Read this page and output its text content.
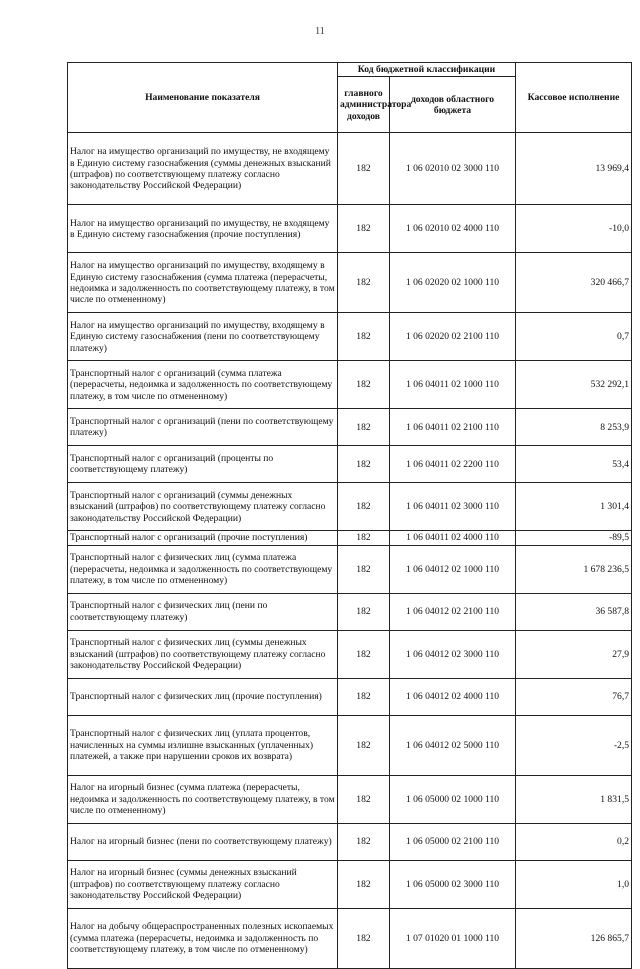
11
Наименование показателя	Код бюджетной классификации		Кассовое исполнение
	главного администратора доходов	доходов областного бюджета	
Налог на имущество организаций по имуществу, не входящему в Единую систему газоснабжения (суммы денежных взысканий (штрафов) по соответствующему платежу согласно законодательству Российской Федерации)	182	1 06 02010 02 3000 110	13 969,4
Налог на имущество организаций по имуществу, не входящему в Единую систему газоснабжения (прочие поступления)	182	1 06 02010 02 4000 110	-10,0
Налог на имущество организаций по имуществу, входящему в Единую систему газоснабжения (сумма платежа (перерасчеты, недоимка и задолженность по соответствующему платежу, в том числе по отмененному)	182	1 06 02020 02 1000 110	320 466,7
Налог на имущество организаций по имуществу, входящему в Единую систему газоснабжения (пени по соответствующему платежу)	182	1 06 02020 02 2100 110	0,7
Транспортный налог с организаций (сумма платежа (перерасчеты, недоимка и задолженность по соответствующему платежу, в том числе по отмененному)	182	1 06 04011 02 1000 110	532 292,1
Транспортный налог с организаций (пени по соответствующему платежу)	182	1 06 04011 02 2100 110	8 253,9
Транспортный налог с организаций (проценты по соответствующему платежу)	182	1 06 04011 02 2200 110	53,4
Транспортный налог с организаций (суммы денежных взысканий (штрафов) по соответствующему платежу согласно законодательству Российской Федерации)	182	1 06 04011 02 3000 110	1 301,4
Транспортный налог с организаций (прочие поступления)	182	1 06 04011 02 4000 110	-89,5
Транспортный налог с физических лиц (сумма платежа (перерасчеты, недоимка и задолженность по соответствующему платежу, в том числе по отмененному)	182	1 06 04012 02 1000 110	1 678 236,5
Транспортный налог с физических лиц (пени по соответствующему платежу)	182	1 06 04012 02 2100 110	36 587,8
Транспортный налог с физических лиц (суммы денежных взысканий (штрафов) по соответствующему платежу согласно законодательству Российской Федерации)	182	1 06 04012 02 3000 110	27,9
Транспортный налог с физических лиц (прочие поступления)	182	1 06 04012 02 4000 110	76,7
Транспортный налог с физических лиц (уплата процентов, начисленных на суммы излишне взысканных (уплаченных) платежей, а также при нарушении сроков их возврата)	182	1 06 04012 02 5000 110	-2,5
Налог на игорный бизнес (сумма платежа (перерасчеты, недоимка и задолженность по соответствующему платежу, в том числе по отмененному)	182	1 06 05000 02 1000 110	1 831,5
Налог на игорный бизнес (пени по соответствующему платежу)	182	1 06 05000 02 2100 110	0,2
Налог на игорный бизнес (суммы денежных взысканий (штрафов) по соответствующему платежу согласно законодательству Российской Федерации)	182	1 06 05000 02 3000 110	1,0
Налог на добычу общераспространенных полезных ископаемых (сумма платежа (перерасчеты, недоимка и задолженность по соответствующему платежу, в том числе по отмененному)	182	1 07 01020 01 1000 110	126 865,7
